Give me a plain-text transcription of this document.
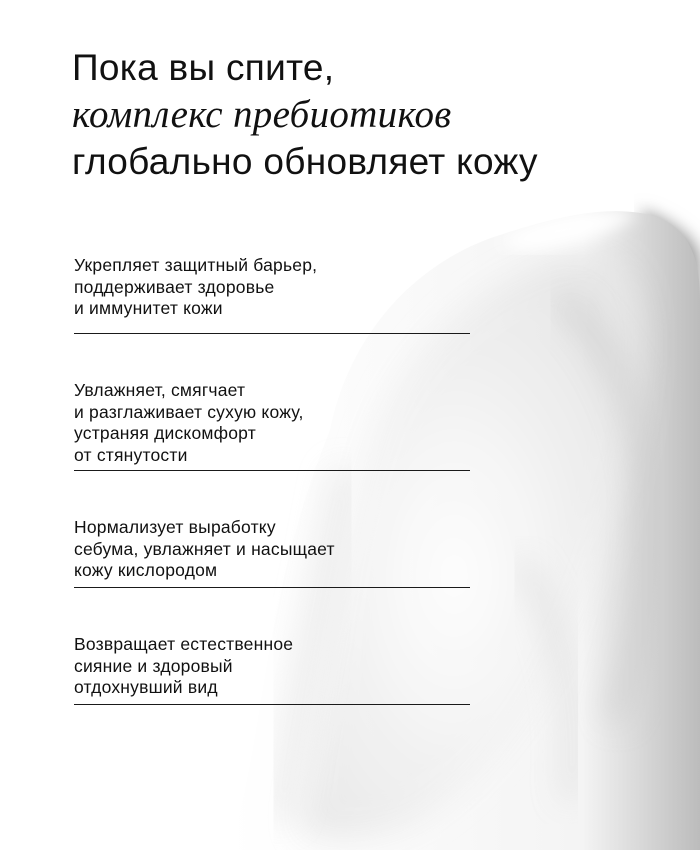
Пока вы спите,
комплекс пребиотиков
глобально обновляет кожу
Укрепляет защитный барьер,
поддерживает здоровье
и иммунитет кожи
Увлажняет, смягчает
и разглаживает сухую кожу,
устраняя дискомфорт
от стянутости
Нормализует выработку
себума, увлажняет и насыщает
кожу кислородом
Возвращает естественное
сияние и здоровый
отдохнувший вид
